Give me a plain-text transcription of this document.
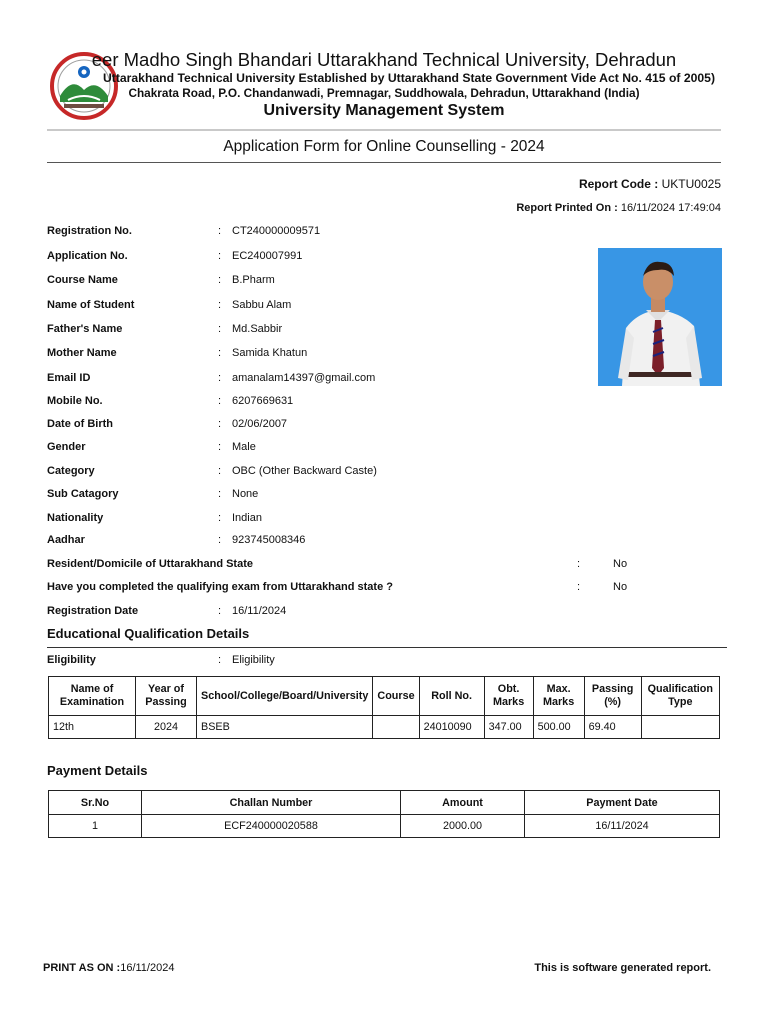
eer Madho Singh Bhandari Uttarakhand Technical University, Dehradun
Uttarakhand Technical University Established by Uttarakhand State Government Vide Act No. 415 of 2005)
Chakrata Road, P.O. Chandanwadi, Premnagar, Suddhowala, Dehradun, Uttarakhand (India)
University Management System
Application Form for Online Counselling - 2024
Report Code : UKTU0025
Report Printed On : 16/11/2024 17:49:04
Registration No.	: CT240000009571
Application No.	: EC240007991
Course Name	: B.Pharm
Name of Student	: Sabbu Alam
Father's Name	: Md.Sabbir
Mother Name	: Samida Khatun
Email ID	: amanalam14397@gmail.com
Mobile No.	: 6207669631
Date of Birth	: 02/06/2007
Gender	: Male
Category	: OBC (Other Backward Caste)
Sub Catagory	: None
Nationality	: Indian
Aadhar	: 923745008346
Resident/Domicile of Uttarakhand State	:	No
Have you completed the qualifying exam from Uttarakhand state ?	:	No
Registration Date	: 16/11/2024
Educational Qualification Details
Eligibility	: Eligibility
Name of Examination	Year of Passing	School/College/Board/University	Course	Roll No.	Obt. Marks	Max. Marks	Passing (%)	Qualification Type
12th	2024	BSEB		24010090	347.00	500.00	69.40	
Payment Details
Sr.No	Challan Number	Amount	Payment Date
1	ECF240000020588	2000.00	16/11/2024
PRINT AS ON :16/11/2024	This is software generated report.
